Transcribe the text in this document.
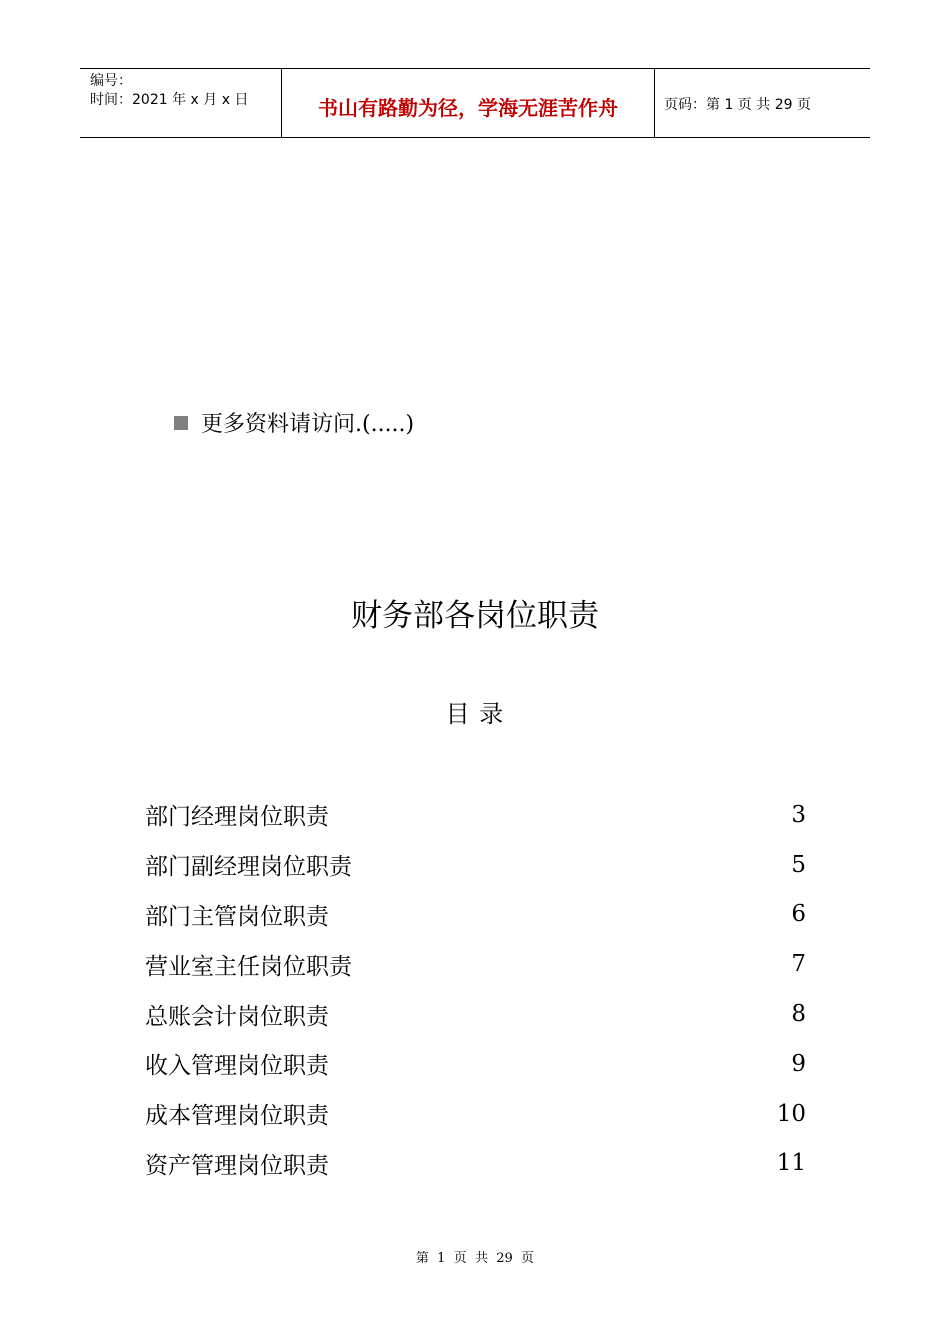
编号：
时间：2021 年 x 月 x 日	书山有路勤为径，学海无涯苦作舟	页码：第 1 页 共 29 页
更多资料请访问.(.....)
财务部各岗位职责
目 录
部门经理岗位职责	3
部门副经理岗位职责	5
部门主管岗位职责	6
营业室主任岗位职责	7
总账会计岗位职责	8
收入管理岗位职责	9
成本管理岗位职责	10
资产管理岗位职责	11
第  1  页  共  29  页
